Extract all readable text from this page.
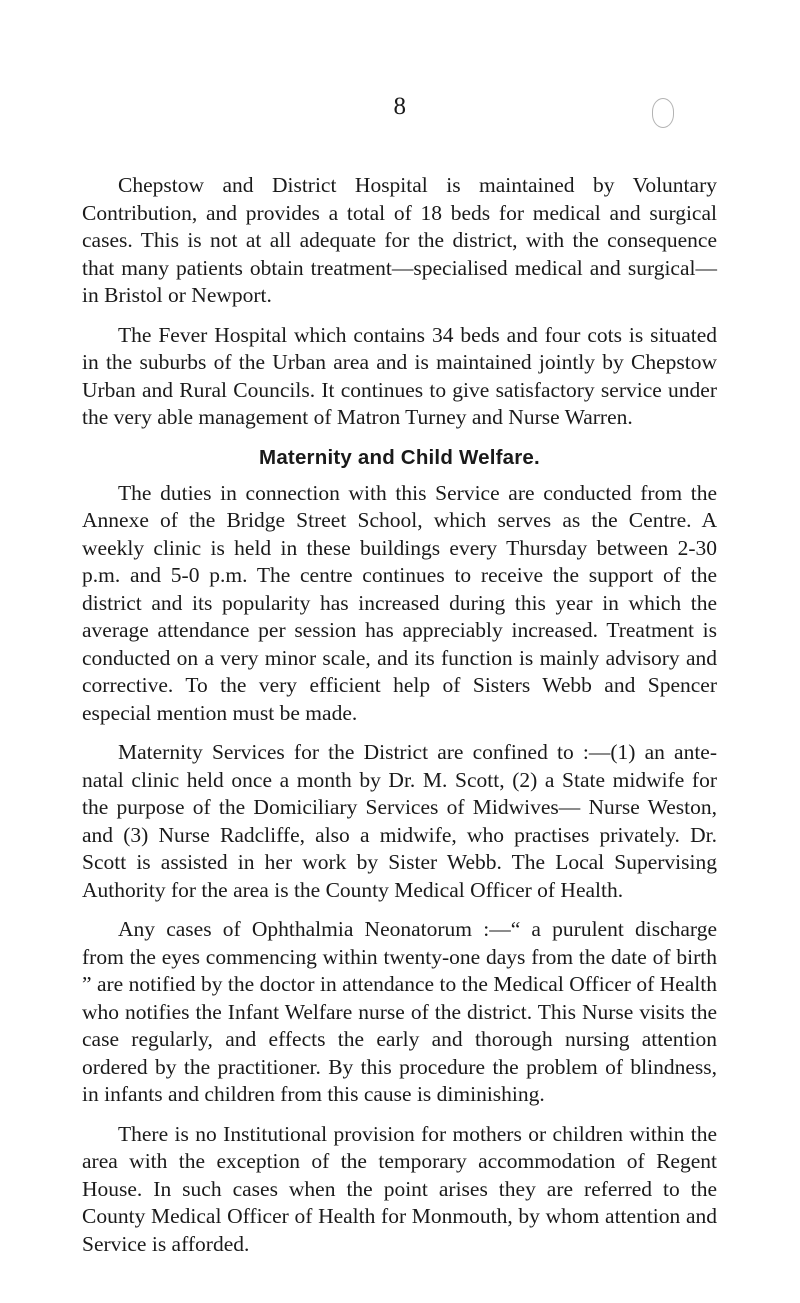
8

Chepstow and District Hospital is maintained by Voluntary Contribution, and provides a total of 18 beds for medical and surgical cases. This is not at all adequate for the district, with the consequence that many patients obtain treatment—specialised medical and surgical—in Bristol or Newport.

The Fever Hospital which contains 34 beds and four cots is situated in the suburbs of the Urban area and is maintained jointly by Chepstow Urban and Rural Councils. It continues to give satisfactory service under the very able management of Matron Turney and Nurse Warren.

Maternity and Child Welfare.

The duties in connection with this Service are conducted from the Annexe of the Bridge Street School, which serves as the Centre. A weekly clinic is held in these buildings every Thursday between 2-30 p.m. and 5-0 p.m. The centre continues to receive the support of the district and its popularity has increased during this year in which the average attendance per session has appreciably increased. Treatment is conducted on a very minor scale, and its function is mainly advisory and corrective. To the very efficient help of Sisters Webb and Spencer especial mention must be made.

Maternity Services for the District are confined to :—(1) an ante-natal clinic held once a month by Dr. M. Scott, (2) a State midwife for the purpose of the Domiciliary Services of Midwives— Nurse Weston, and (3) Nurse Radcliffe, also a midwife, who practises privately. Dr. Scott is assisted in her work by Sister Webb. The Local Supervising Authority for the area is the County Medical Officer of Health.

Any cases of Ophthalmia Neonatorum :—“ a purulent discharge from the eyes commencing within twenty-one days from the date of birth ” are notified by the doctor in attendance to the Medical Officer of Health who notifies the Infant Welfare nurse of the district. This Nurse visits the case regularly, and effects the early and thorough nursing attention ordered by the practitioner. By this procedure the problem of blindness, in infants and children from this cause is diminishing.

There is no Institutional provision for mothers or children within the area with the exception of the temporary accommodation of Regent House. In such cases when the point arises they are referred to the County Medical Officer of Health for Monmouth, by whom attention and Service is afforded.
